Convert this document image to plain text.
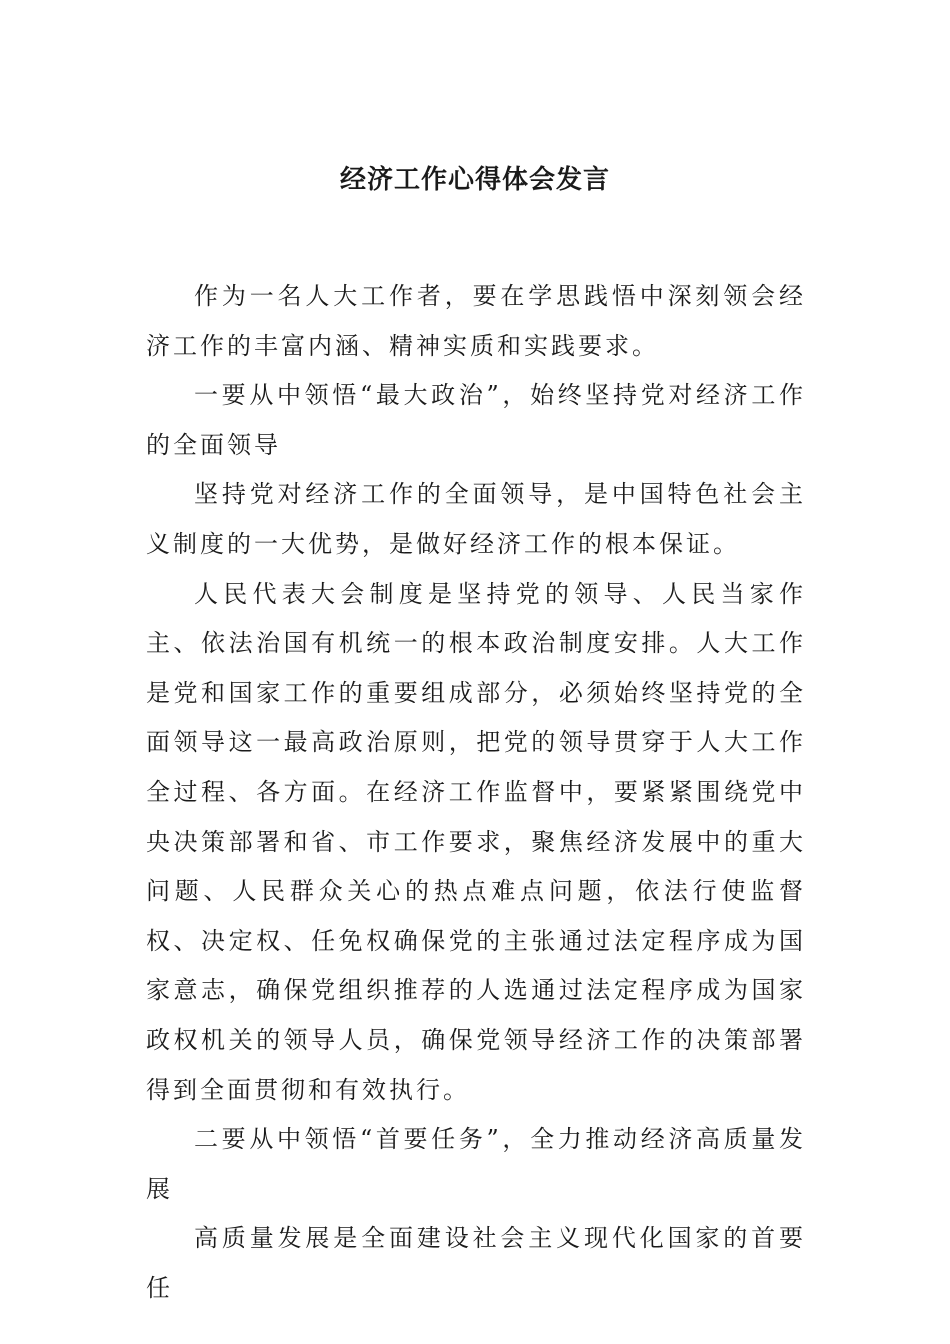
经济工作心得体会发言

作为一名人大工作者，要在学思践悟中深刻领会经济工作的丰富内涵、精神实质和实践要求。

一要从中领悟“最大政治”，始终坚持党对经济工作的全面领导

坚持党对经济工作的全面领导，是中国特色社会主义制度的一大优势，是做好经济工作的根本保证。

人民代表大会制度是坚持党的领导、人民当家作主、依法治国有机统一的根本政治制度安排。人大工作是党和国家工作的重要组成部分，必须始终坚持党的全面领导这一最高政治原则，把党的领导贯穿于人大工作全过程、各方面。在经济工作监督中，要紧紧围绕党中央决策部署和省、市工作要求，聚焦经济发展中的重大问题、人民群众关心的热点难点问题，依法行使监督权、决定权、任免权确保党的主张通过法定程序成为国家意志，确保党组织推荐的人选通过法定程序成为国家政权机关的领导人员，确保党领导经济工作的决策部署得到全面贯彻和有效执行。

二要从中领悟“首要任务”，全力推动经济高质量发展

高质量发展是全面建设社会主义现代化国家的首要任
